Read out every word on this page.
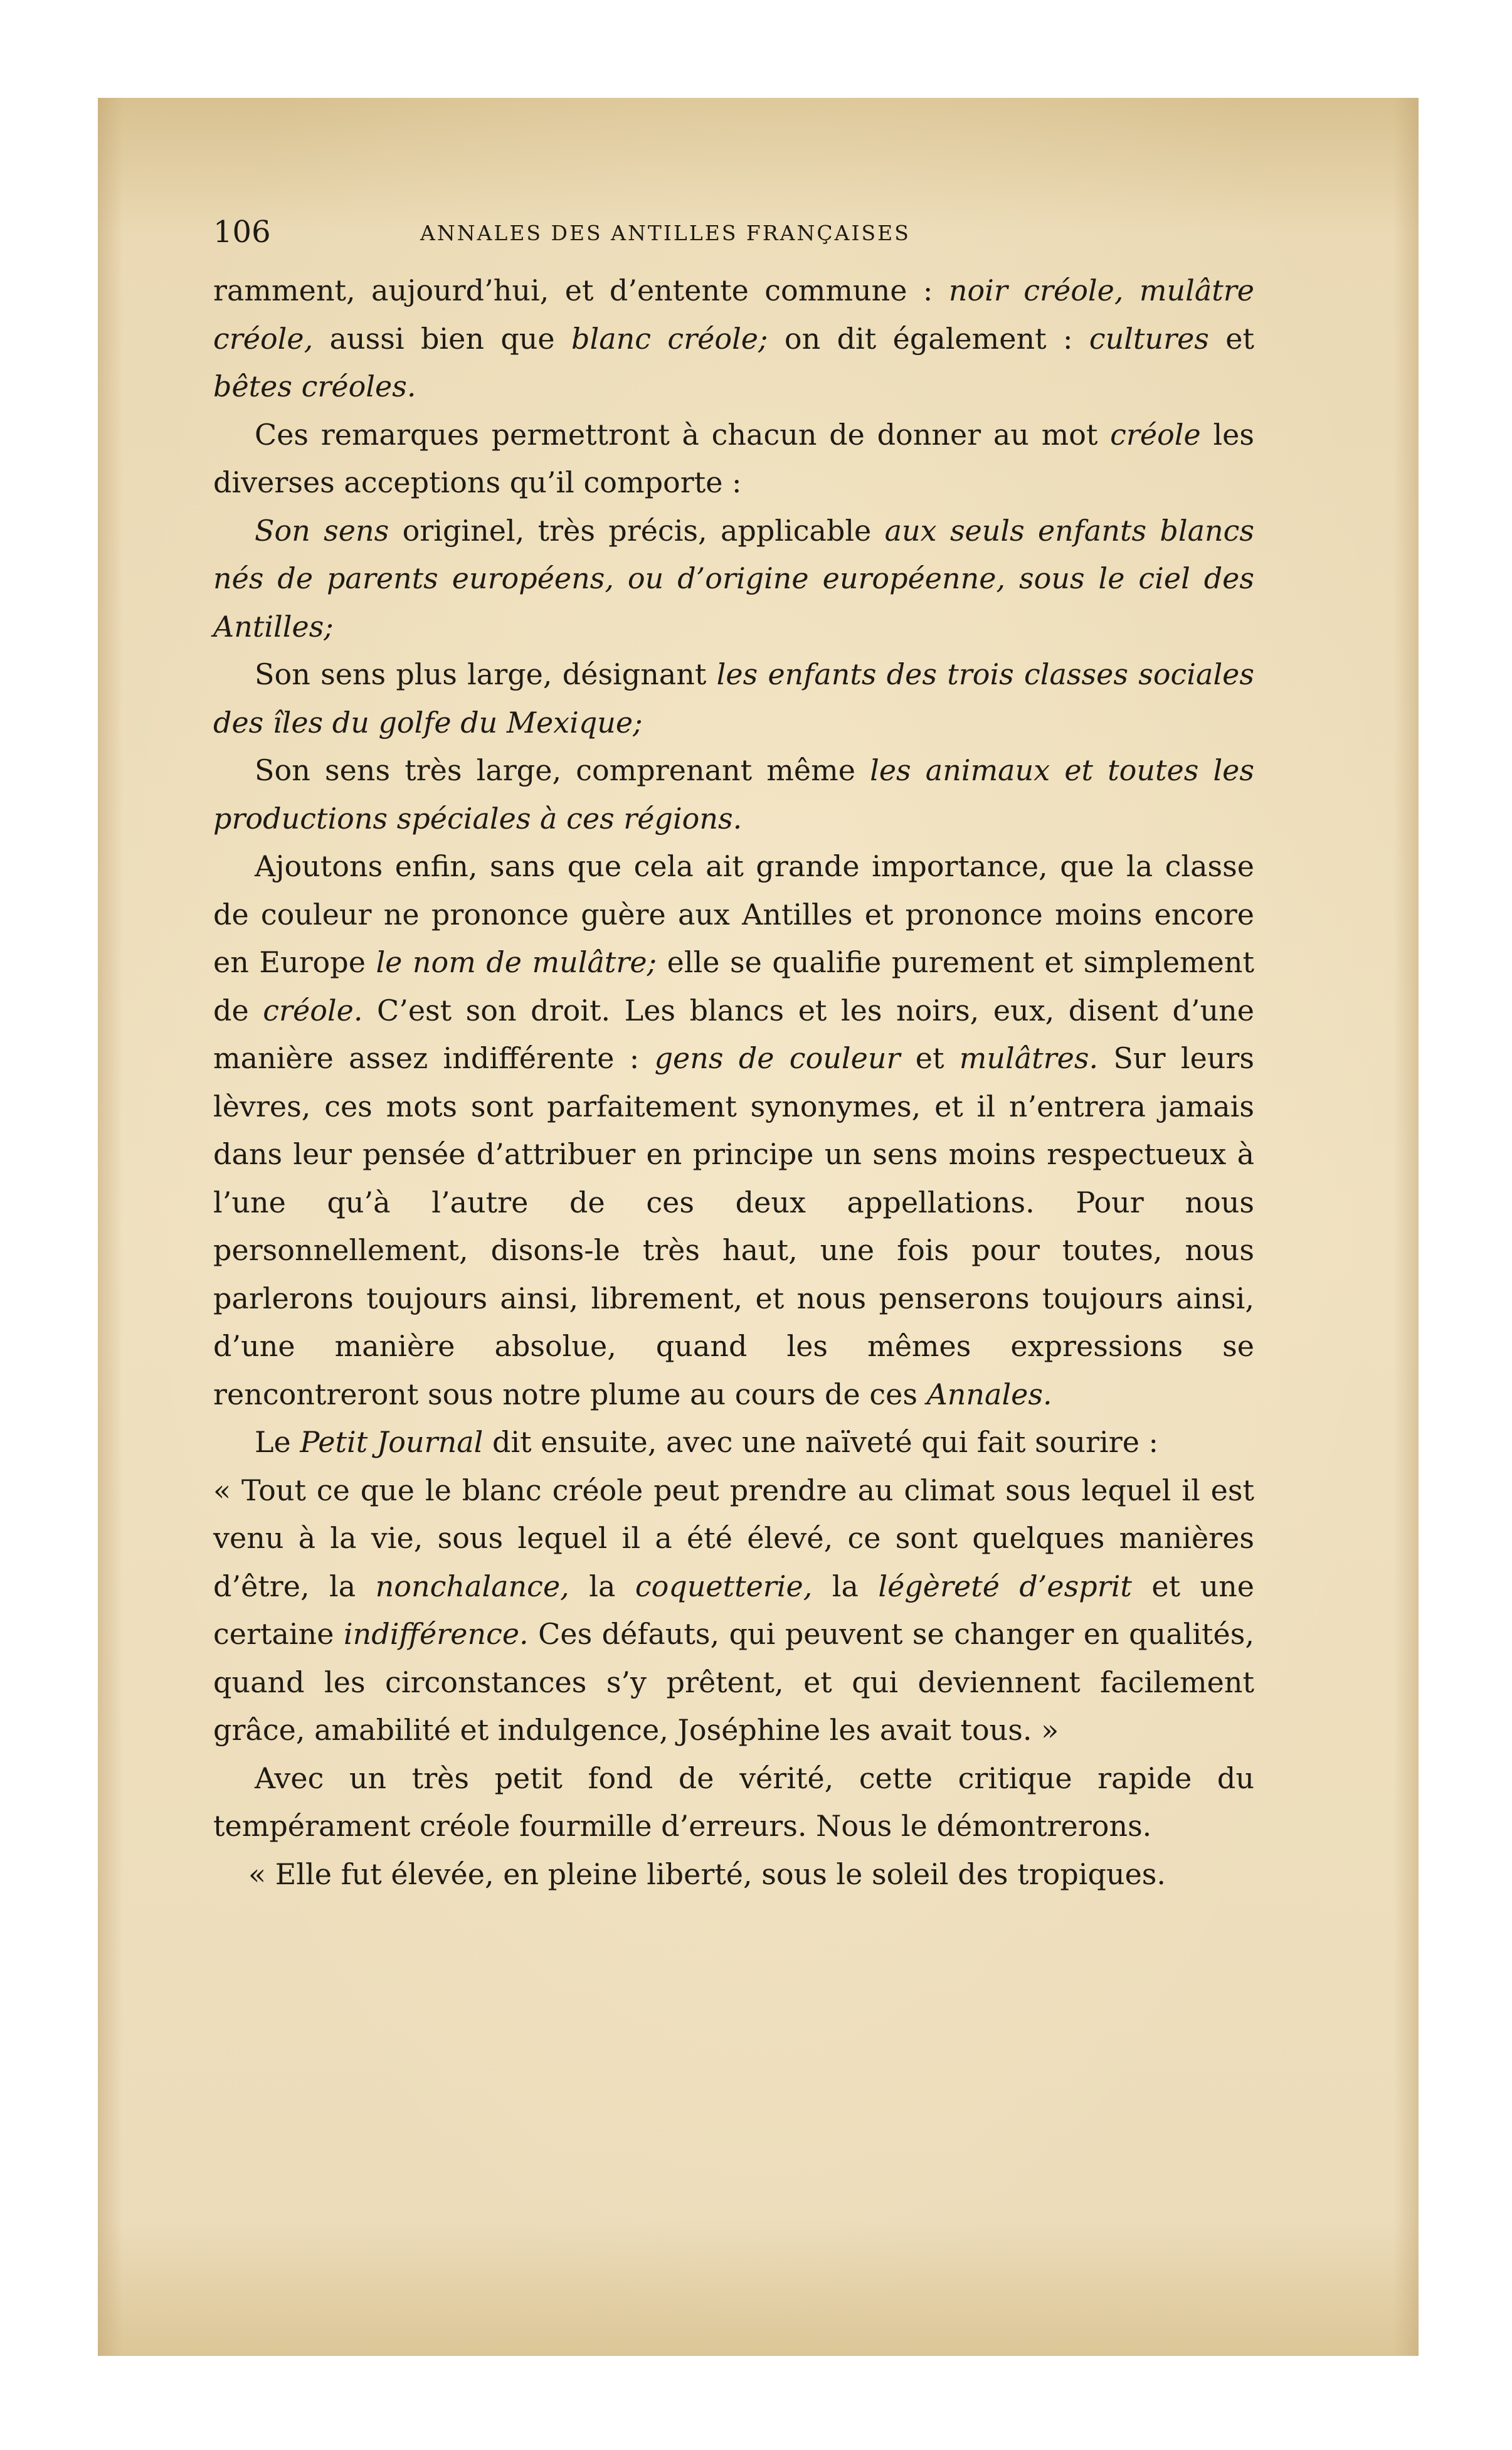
106	ANNALES DES ANTILLES FRANÇAISES

ramment, aujourd’hui, et d’entente commune : noir créole, mulâtre créole, aussi bien que blanc créole; on dit également : cultures et bêtes créoles.

Ces remarques permettront à chacun de donner au mot créole les diverses acceptions qu’il comporte :

Son sens originel, très précis, applicable aux seuls enfants blancs nés de parents européens, ou d’origine européenne, sous le ciel des Antilles;

Son sens plus large, désignant les enfants des trois classes sociales des îles du golfe du Mexique;

Son sens très large, comprenant même les animaux et toutes les productions spéciales à ces régions.

Ajoutons enfin, sans que cela ait grande importance, que la classe de couleur ne prononce guère aux Antilles et prononce moins encore en Europe le nom de mulâtre; elle se qualifie purement et simplement de créole. C’est son droit. Les blancs et les noirs, eux, disent d’une manière assez indifférente : gens de couleur et mulâtres. Sur leurs lèvres, ces mots sont parfaitement synonymes, et il n’entrera jamais dans leur pensée d’attribuer en principe un sens moins respectueux à l’une qu’à l’autre de ces deux appellations. Pour nous personnellement, disons-le très haut, une fois pour toutes, nous parlerons toujours ainsi, librement, et nous penserons toujours ainsi, d’une manière absolue, quand les mêmes expressions se rencontreront sous notre plume au cours de ces Annales.

Le Petit Journal dit ensuite, avec une naïveté qui fait sourire :

« Tout ce que le blanc créole peut prendre au climat sous lequel il est venu à la vie, sous lequel il a été élevé, ce sont quelques manières d’être, la nonchalance, la coquetterie, la légèreté d’esprit et une certaine indifférence. Ces défauts, qui peuvent se changer en qualités, quand les circonstances s’y prêtent, et qui deviennent facilement grâce, amabilité et indulgence, Joséphine les avait tous. »

Avec un très petit fond de vérité, cette critique rapide du tempérament créole fourmille d’erreurs. Nous le démontrerons.

« Elle fut élevée, en pleine liberté, sous le soleil des tropiques.
